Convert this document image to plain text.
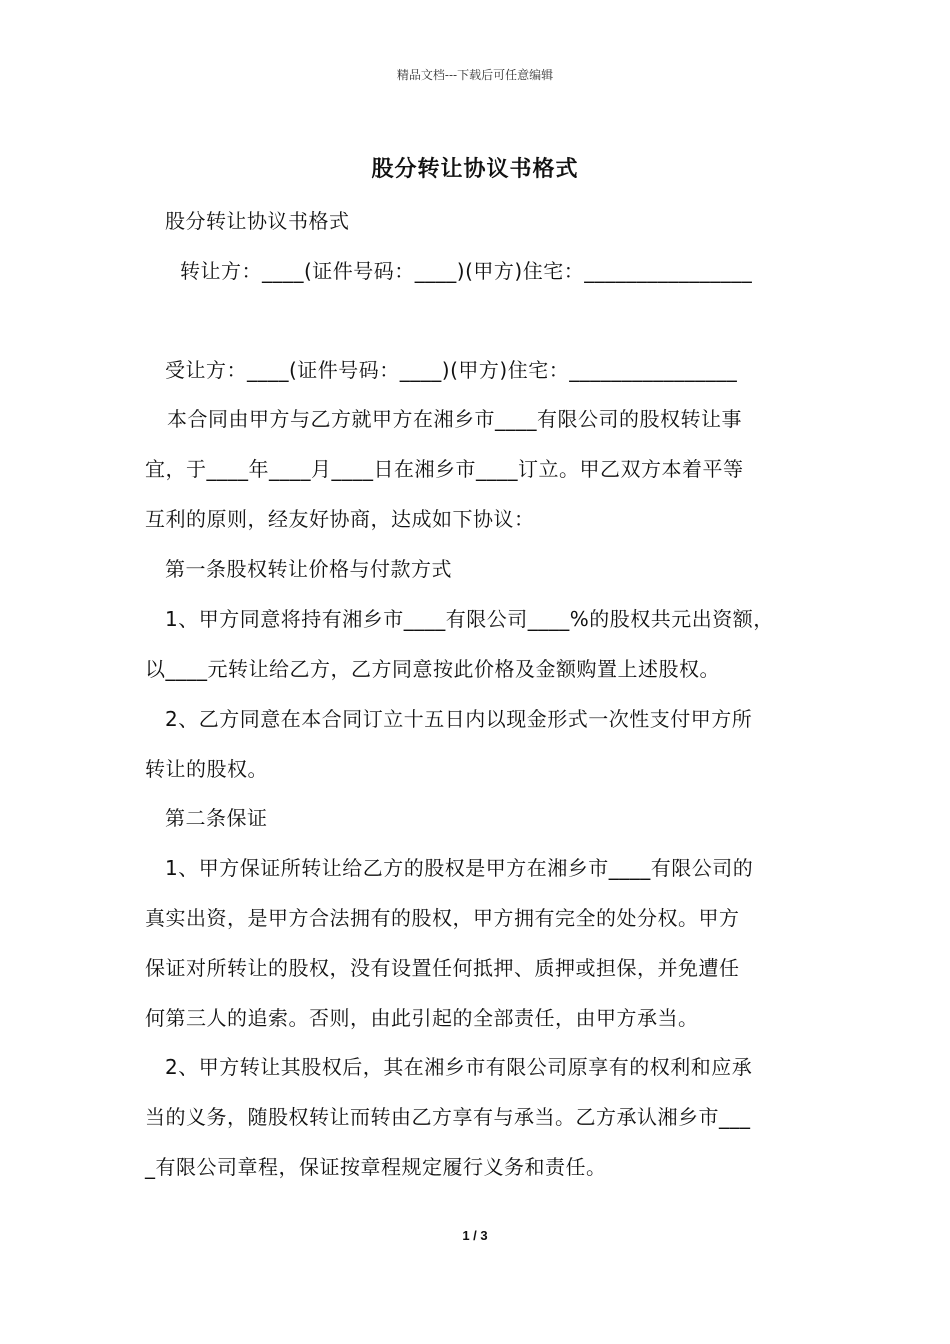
精品文档---下载后可任意编辑
股分转让协议书格式
股分转让协议书格式
转让方：____(证件号码：____)(甲方)住宅：________________
受让方：____(证件号码：____)(甲方)住宅：________________
本合同由甲方与乙方就甲方在湘乡市____有限公司的股权转让事
宜，于____年____月____日在湘乡市____订立。甲乙双方本着平等
互利的原则，经友好协商，达成如下协议：
第一条股权转让价格与付款方式
1、甲方同意将持有湘乡市____有限公司____%的股权共元出资额，
以____元转让给乙方，乙方同意按此价格及金额购置上述股权。
2、乙方同意在本合同订立十五日内以现金形式一次性支付甲方所
转让的股权。
第二条保证
1、甲方保证所转让给乙方的股权是甲方在湘乡市____有限公司的
真实出资，是甲方合法拥有的股权，甲方拥有完全的处分权。甲方
保证对所转让的股权，没有设置任何抵押、质押或担保，并免遭任
何第三人的追索。否则，由此引起的全部责任，由甲方承当。
2、甲方转让其股权后，其在湘乡市有限公司原享有的权利和应承
当的义务，随股权转让而转由乙方享有与承当。乙方承认湘乡市___
_有限公司章程，保证按章程规定履行义务和责任。
1 / 3
